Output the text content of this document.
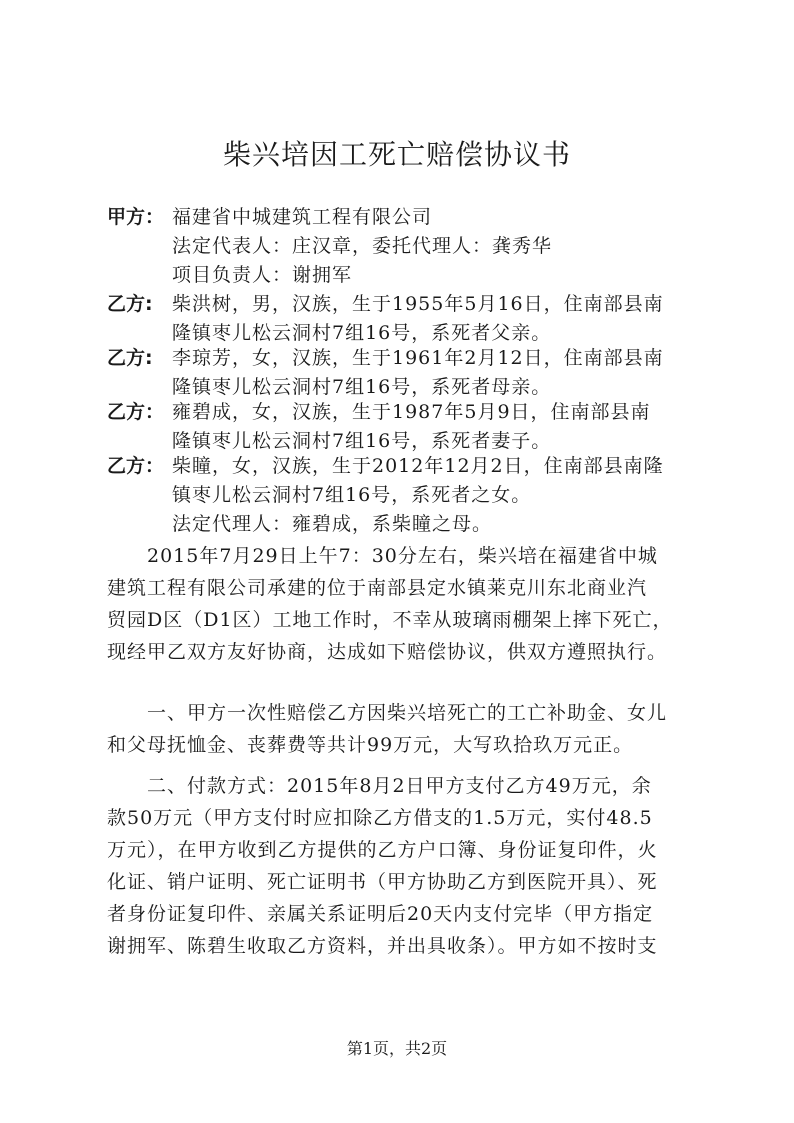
柴兴培因工死亡赔偿协议书
甲方： 福建省中城建筑工程有限公司
法定代表人：庄汉章，委托代理人：龚秀华
项目负责人：谢拥军
乙方:	柴洪树，男，汉族，生于1955年5月16日，住南部县南
隆镇枣儿松云洞村7组16号，系死者父亲。
乙方:	李琼芳，女，汉族，生于1961年2月12日，住南部县南
隆镇枣儿松云洞村7组16号，系死者母亲。
乙方： 雍碧成，女，汉族，生于1987年5月9日，住南部县南
隆镇枣儿松云洞村7组16号，系死者妻子。
乙方： 柴瞳，女，汉族，生于2012年12月2日，住南部县南隆
镇枣儿松云洞村7组16号，系死者之女。
法定代理人：雍碧成，系柴瞳之母。
2015年7月29日上午7：30分左右，柴兴培在福建省中城
建筑工程有限公司承建的位于南部县定水镇莱克川东北商业汽
贸园D区（D1区）工地工作时，不幸从玻璃雨棚架上摔下死亡，
现经甲乙双方友好协商，达成如下赔偿协议，供双方遵照执行。
一、甲方一次性赔偿乙方因柴兴培死亡的工亡补助金、女儿
和父母抚恤金、丧葬费等共计99万元，大写玖拾玖万元正。
二、付款方式：2015年8月2日甲方支付乙方49万元，余
款50万元（甲方支付时应扣除乙方借支的1.5万元，实付48.5
万元），在甲方收到乙方提供的乙方户口簿、身份证复印件，火
化证、销户证明、死亡证明书（甲方协助乙方到医院开具）、死
者身份证复印件、亲属关系证明后20天内支付完毕（甲方指定
谢拥军、陈碧生收取乙方资料，并出具收条）。甲方如不按时支
第1页，共2页
